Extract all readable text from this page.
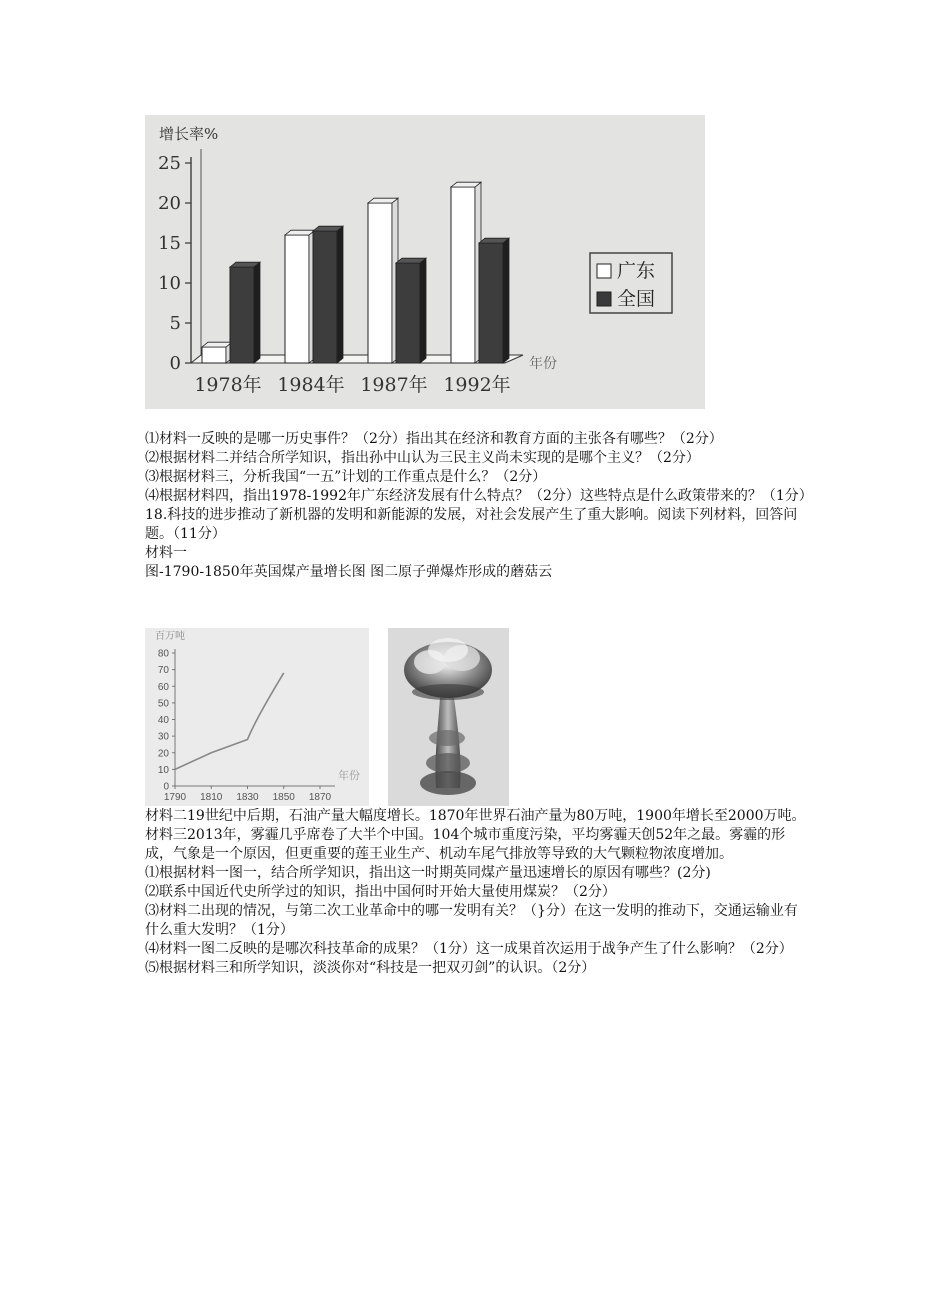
增长率%
0
5
10
15
20
25
1978年 1984年 1987年 1992年
年份
广东
全国

⑴材料一反映的是哪一历史事件？（2分）指出其在经济和教育方面的主张各有哪些？（2分）

⑵根据材料二并结合所学知识，指出孙中山认为三民主义尚未实现的是哪个主义？（2分）

⑶根据材料三，分析我国“一五”计划的工作重点是什么？（2分）

⑷根据材料四，指出1978-1992年广东经济发展有什么特点？（2分）这些特点是什么政策带来的？（1分）

18.科技的进步推动了新机器的发明和新能源的发展，对社会发展产生了重大影响。阅读下列材料，回答问题。（11分）

材料一

图-1790-1850年英国煤产量增长图 图二原子弹爆炸形成的蘑菇云

百万吨
年份
0
10
20
30
40
50
60
70
80
1790 1810 1830 1850 1870

材料二19世纪中后期，石油产量大幅度增长。1870年世界石油产量为80万吨，1900年增长至2000万吨。

材料三2013年，雾霾几乎席卷了大半个中国。104个城市重度污染，平均雾霾天创52年之最。雾霾的形成，气象是一个原因，但更重要的莲王业生产、机动车尾气排放等导致的大气颗粒物浓度增加。

⑴根据材料一图一，结合所学知识，指出这一时期英同煤产量迅速增长的原因有哪些？(2分)

⑵联系中国近代史所学过的知识，指出中国何时开始大量使用煤炭？（2分）

⑶材料二出现的情况，与第二次工业革命中的哪一发明有关？（}分）在这一发明的推动下，交通运输业有什么重大发明？（1分）

⑷材料一图二反映的是哪次科技革命的成果？（1分）这一成果首次运用于战争产生了什么影响？（2分）

⑸根据材料三和所学知识，淡淡你对“科技是一把双刃剑”的认识。（2分）
